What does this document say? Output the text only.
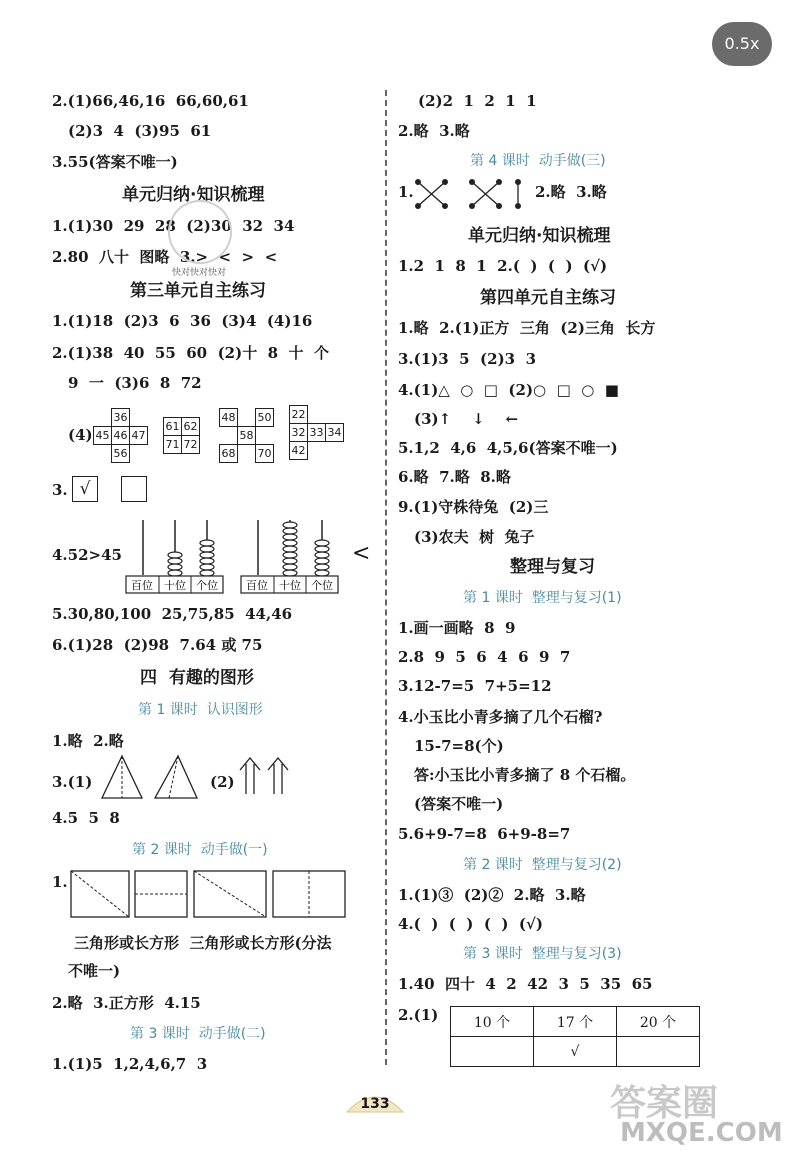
0.5x
2.(1)66,46,16  66,60,61
(2)3  4  (3)95  61
3.55(答案不唯一)
单元归纳·知识梳理
1.(1)30  29  28  (2)30  32  34
2.80  八十  图略  3.>  <  >  <
快对快对快对
第三单元自主练习
1.(1)18  (2)3  6  36  (3)4  (4)16
2.(1)38  40  55  60  (2)十  8  十  个
9  一  (3)6  8  72
(4)
	36	
45	46	47
	56	
61	62
71	72
48		50
	58	
68		70
22		
32	33	34
42		
3. √
4.52>45
百位 十位 个位	百位 十位 个位
<
5.30,80,100  25,75,85  44,46
6.(1)28  (2)98  7.64 或 75
四  有趣的图形
第 1 课时  认识图形
1.略  2.略
3.(1)	(2)
4.5  5  8
第 2 课时  动手做(一)
1.
三角形或长方形  三角形或长方形(分法
不唯一)
2.略  3.正方形  4.15
第 3 课时  动手做(二)
1.(1)5  1,2,4,6,7  3
(2)2  1  2  1  1
2.略  3.略
第 4 课时  动手做(三)
1.	2.略  3.略
单元归纳·知识梳理
1.2  1  8  1  2.(  )  (  )  (√)
第四单元自主练习
1.略  2.(1)正方  三角  (2)三角  长方
3.(1)3  5  (2)3  3
4.(1)△  ○  □  (2)○  □  ○  ■
(3)↑    ↓    ←
5.1,2  4,6  4,5,6(答案不唯一)
6.略  7.略  8.略
9.(1)守株待兔  (2)三
(3)农夫  树  兔子
整理与复习
第 1 课时  整理与复习(1)
1.画一画略  8  9
2.8  9  5  6  4  6  9  7
3.12-7=5  7+5=12
4.小玉比小青多摘了几个石榴?
15-7=8(个)
答:小玉比小青多摘了 8 个石榴。
(答案不唯一)
5.6+9-7=8  6+9-8=7
第 2 课时  整理与复习(2)
1.(1)③  (2)②  2.略  3.略
4.(  )  (  )  (  )  (√)
第 3 课时  整理与复习(3)
1.40  四十  4  2  42  3  5  35  65
2.(1)	10 个	17 个	20 个
	√	
133	答案圈
MXQE.COM
